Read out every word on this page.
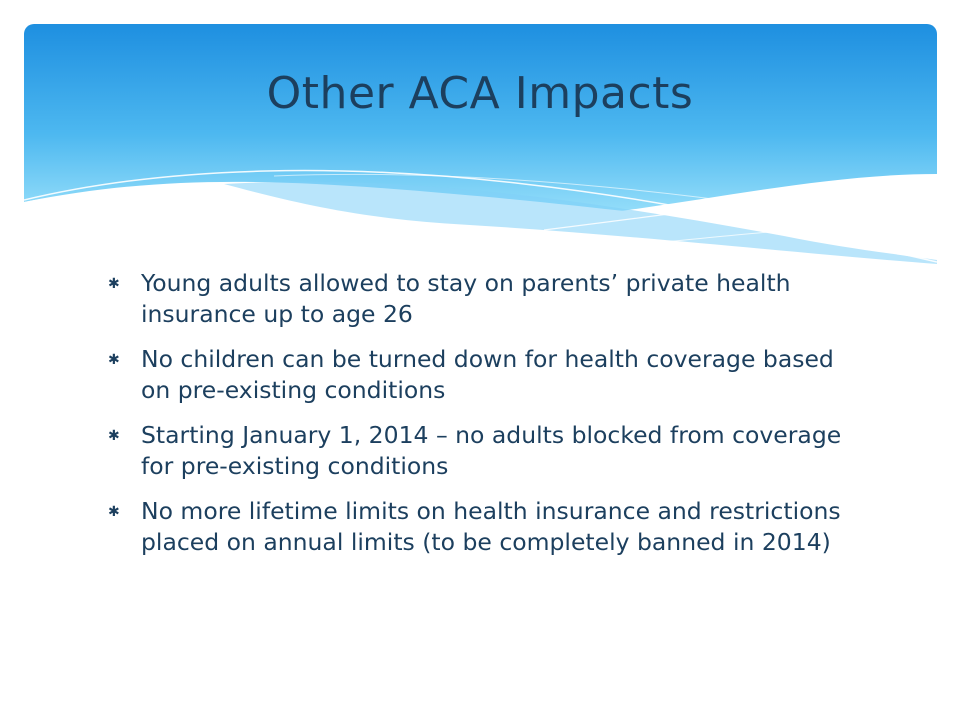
Other ACA Impacts
✱ Young adults allowed to stay on parents’ private health insurance up to age 26
✱ No children can be turned down for health coverage based on pre-existing conditions
✱ Starting January 1, 2014 – no adults blocked from coverage for pre-existing conditions
✱ No more lifetime limits on health insurance and restrictions placed on annual limits (to be completely banned in 2014)
